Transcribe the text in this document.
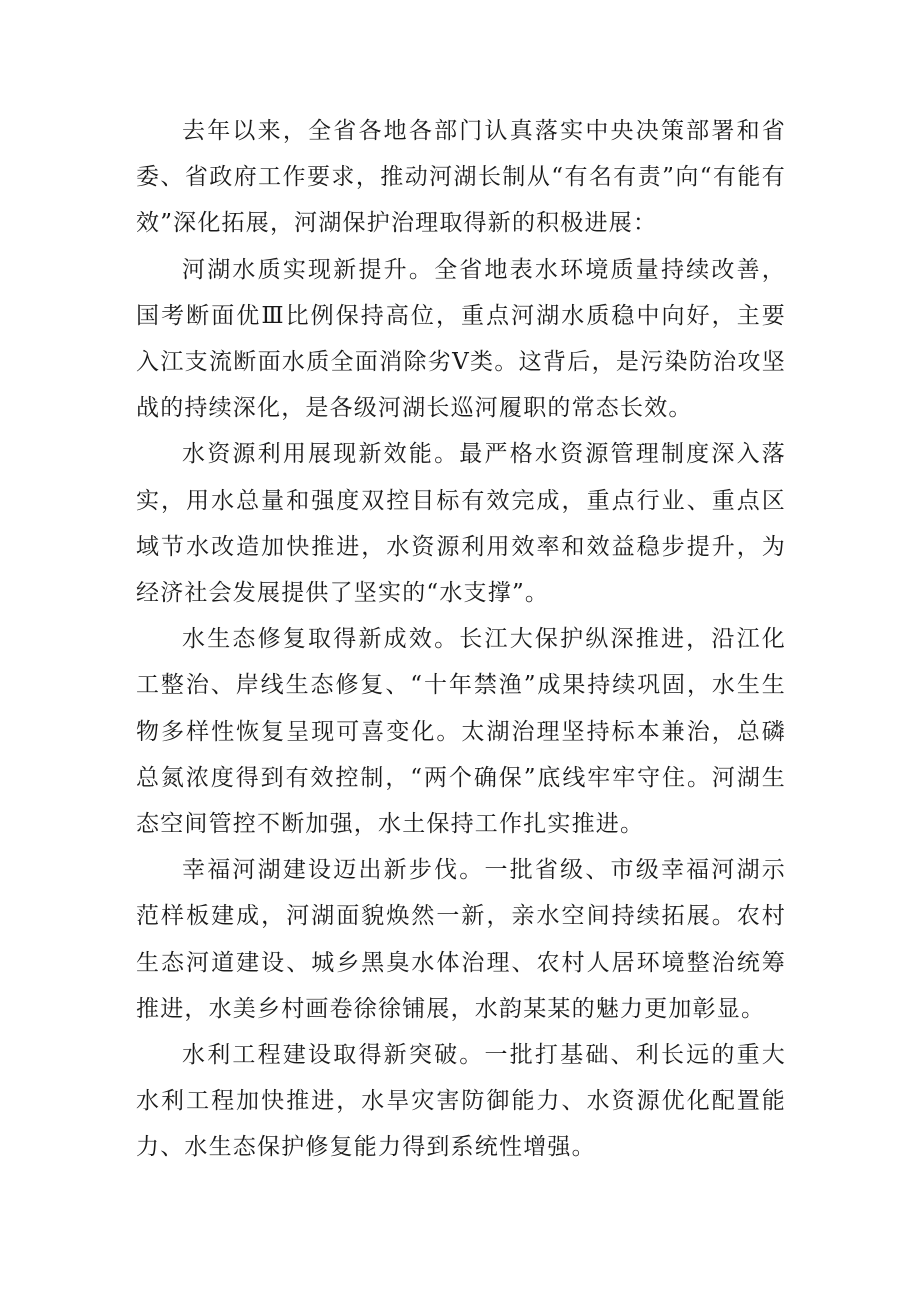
去年以来，全省各地各部门认真落实中央决策部署和省委、省政府工作要求，推动河湖长制从“有名有责”向“有能有效”深化拓展，河湖保护治理取得新的积极进展：

河湖水质实现新提升。全省地表水环境质量持续改善，国考断面优Ⅲ比例保持高位，重点河湖水质稳中向好，主要入江支流断面水质全面消除劣Ⅴ类。这背后，是污染防治攻坚战的持续深化，是各级河湖长巡河履职的常态长效。

水资源利用展现新效能。最严格水资源管理制度深入落实，用水总量和强度双控目标有效完成，重点行业、重点区域节水改造加快推进，水资源利用效率和效益稳步提升，为经济社会发展提供了坚实的“水支撑”。

水生态修复取得新成效。长江大保护纵深推进，沿江化工整治、岸线生态修复、“十年禁渔”成果持续巩固，水生生物多样性恢复呈现可喜变化。太湖治理坚持标本兼治，总磷总氮浓度得到有效控制，“两个确保”底线牢牢守住。河湖生态空间管控不断加强，水土保持工作扎实推进。

幸福河湖建设迈出新步伐。一批省级、市级幸福河湖示范样板建成，河湖面貌焕然一新，亲水空间持续拓展。农村生态河道建设、城乡黑臭水体治理、农村人居环境整治统筹推进，水美乡村画卷徐徐铺展，水韵某某的魅力更加彰显。

水利工程建设取得新突破。一批打基础、利长远的重大水利工程加快推进，水旱灾害防御能力、水资源优化配置能力、水生态保护修复能力得到系统性增强。
